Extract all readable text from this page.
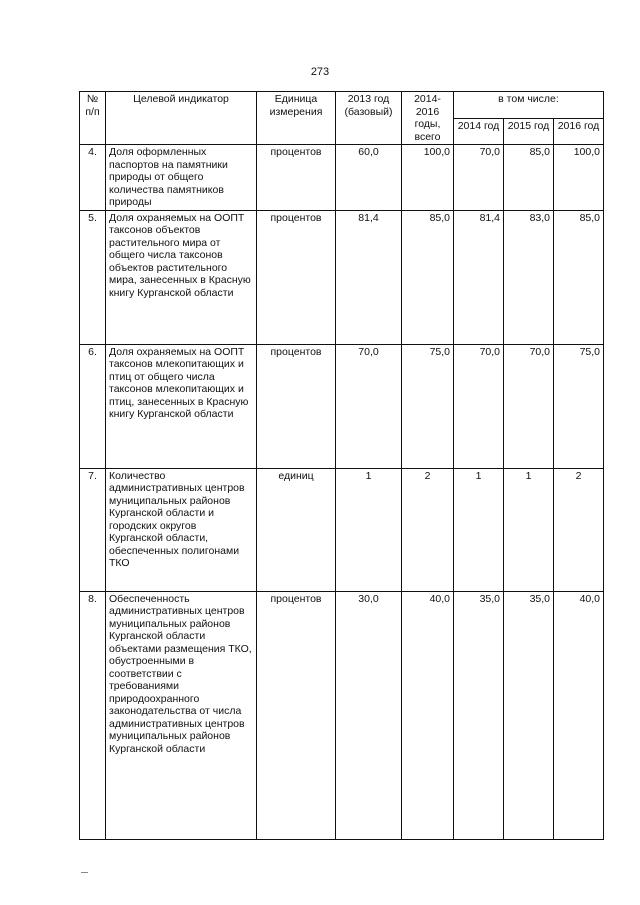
273
№ п/п	Целевой индикатор	Единица измерения	2013 год (базовый)	2014-2016 годы, всего	в том числе:		
					2014 год	2015 год	2016 год
4.	Доля оформленных паспортов на памятники природы от общего количества памятников природы	процентов	60,0	100,0	70,0	85,0	100,0
5.	Доля охраняемых на ООПТ таксонов объектов растительного мира от общего числа таксонов объектов растительного мира, занесенных в Красную книгу Курганской области	процентов	81,4	85,0	81,4	83,0	85,0
6.	Доля охраняемых на ООПТ таксонов млекопитающих и птиц от общего числа таксонов млекопитающих и птиц, занесенных в Красную книгу Курганской области	процентов	70,0	75,0	70,0	70,0	75,0
7.	Количество административных центров муниципальных районов Курганской области и городских округов Курганской области, обеспеченных полигонами ТКО	единиц	1	2	1	1	2
8.	Обеспеченность административных центров муниципальных районов Курганской области объектами размещения ТКО, обустроенными в соответствии с требованиями природоохранного законодательства от числа административных центров муниципальных районов Курганской области	процентов	30,0	40,0	35,0	35,0	40,0
